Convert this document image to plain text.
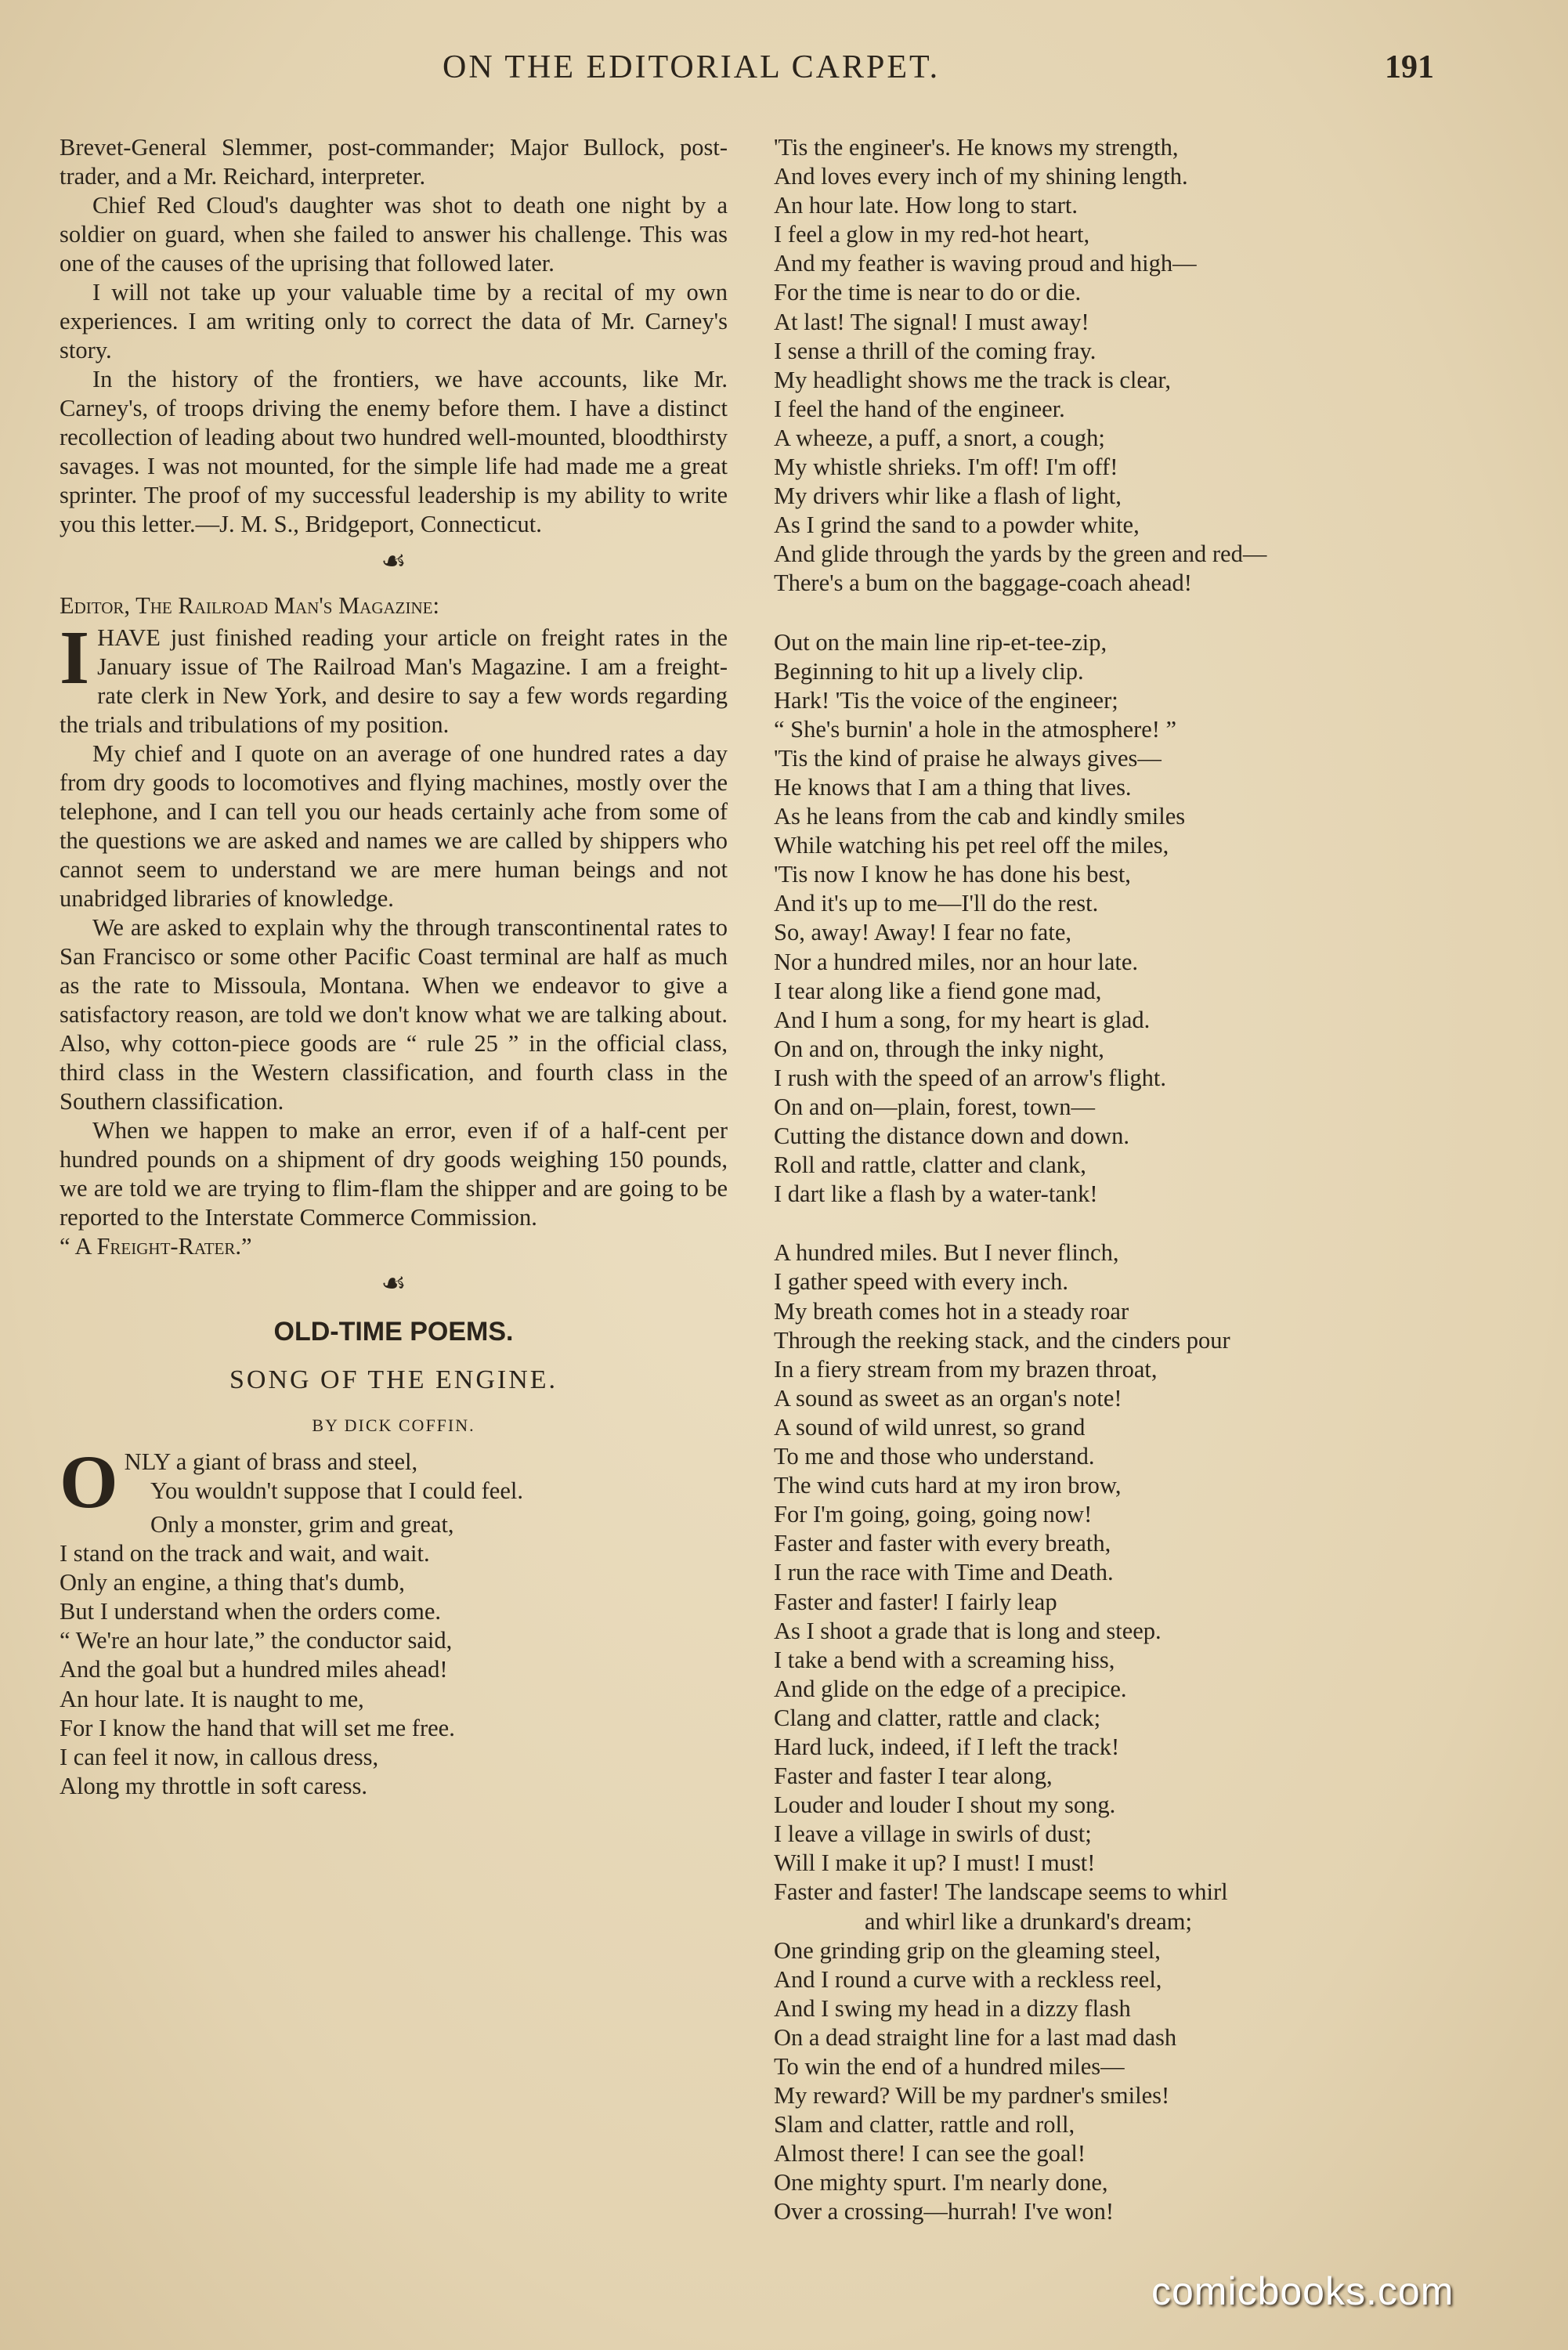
ON THE EDITORIAL CARPET.	191

Brevet-General Slemmer, post-commander; Major Bullock, post-trader, and a Mr. Reichard, interpreter.

Chief Red Cloud's daughter was shot to death one night by a soldier on guard, when she failed to answer his challenge. This was one of the causes of the uprising that followed later.

I will not take up your valuable time by a recital of my own experiences. I am writing only to correct the data of Mr. Carney's story.

In the history of the frontiers, we have accounts, like Mr. Carney's, of troops driving the enemy before them. I have a distinct recollection of leading about two hundred well-mounted, bloodthirsty savages. I was not mounted, for the simple life had made me a great sprinter. The proof of my successful leadership is my ability to write you this letter.—J. M. S., Bridgeport, Connecticut.

☙
Editor, The Railroad Man's Magazine:

IHAVE just finished reading your article on freight rates in the January issue of The Railroad Man's Magazine. I am a freight-rate clerk in New York, and desire to say a few words regarding the trials and tribulations of my position.

My chief and I quote on an average of one hundred rates a day from dry goods to locomotives and flying machines, mostly over the telephone, and I can tell you our heads certainly ache from some of the questions we are asked and names we are called by shippers who cannot seem to understand we are mere human beings and not unabridged libraries of knowledge.

We are asked to explain why the through transcontinental rates to San Francisco or some other Pacific Coast terminal are half as much as the rate to Missoula, Montana. When we endeavor to give a satisfactory reason, are told we don't know what we are talking about. Also, why cotton-piece goods are “ rule 25 ” in the official class, third class in the Western classification, and fourth class in the Southern classification.

When we happen to make an error, even if of a half-cent per hundred pounds on a shipment of dry goods weighing 150 pounds, we are told we are trying to flim-flam the shipper and are going to be reported to the Interstate Commerce Commission.

“ A Freight-Rater.”

☙
OLD-TIME POEMS.
SONG OF THE ENGINE.
BY DICK COFFIN.
O NLY a giant of brass and steel,
You wouldn't suppose that I could feel.
Only a monster, grim and great,
I stand on the track and wait, and wait.
Only an engine, a thing that's dumb,
But I understand when the orders come.
“ We're an hour late,” the conductor said,
And the goal but a hundred miles ahead!
An hour late. It is naught to me,
For I know the hand that will set me free.
I can feel it now, in callous dress,
Along my throttle in soft caress.
'Tis the engineer's. He knows my strength,
And loves every inch of my shining length.
An hour late. How long to start.
I feel a glow in my red-hot heart,
And my feather is waving proud and high—
For the time is near to do or die.
At last! The signal! I must away!
I sense a thrill of the coming fray.
My headlight shows me the track is clear,
I feel the hand of the engineer.
A wheeze, a puff, a snort, a cough;
My whistle shrieks. I'm off! I'm off!
My drivers whir like a flash of light,
As I grind the sand to a powder white,
And glide through the yards by the green and red—
There's a bum on the baggage-coach ahead!
Out on the main line rip-et-tee-zip,
Beginning to hit up a lively clip.
Hark! 'Tis the voice of the engineer;
“ She's burnin' a hole in the atmosphere! ”
'Tis the kind of praise he always gives—
He knows that I am a thing that lives.
As he leans from the cab and kindly smiles
While watching his pet reel off the miles,
'Tis now I know he has done his best,
And it's up to me—I'll do the rest.
So, away! Away! I fear no fate,
Nor a hundred miles, nor an hour late.
I tear along like a fiend gone mad,
And I hum a song, for my heart is glad.
On and on, through the inky night,
I rush with the speed of an arrow's flight.
On and on—plain, forest, town—
Cutting the distance down and down.
Roll and rattle, clatter and clank,
I dart like a flash by a water-tank!
A hundred miles. But I never flinch,
I gather speed with every inch.
My breath comes hot in a steady roar
Through the reeking stack, and the cinders pour
In a fiery stream from my brazen throat,
A sound as sweet as an organ's note!
A sound of wild unrest, so grand
To me and those who understand.
The wind cuts hard at my iron brow,
For I'm going, going, going now!
Faster and faster with every breath,
I run the race with Time and Death.
Faster and faster! I fairly leap
As I shoot a grade that is long and steep.
I take a bend with a screaming hiss,
And glide on the edge of a precipice.
Clang and clatter, rattle and clack;
Hard luck, indeed, if I left the track!
Faster and faster I tear along,
Louder and louder I shout my song.
I leave a village in swirls of dust;
Will I make it up? I must! I must!
Faster and faster! The landscape seems to whirl
and whirl like a drunkard's dream;
One grinding grip on the gleaming steel,
And I round a curve with a reckless reel,
And I swing my head in a dizzy flash
On a dead straight line for a last mad dash
To win the end of a hundred miles—
My reward? Will be my pardner's smiles!
Slam and clatter, rattle and roll,
Almost there! I can see the goal!
One mighty spurt. I'm nearly done,
Over a crossing—hurrah! I've won!
comicbooks.com
